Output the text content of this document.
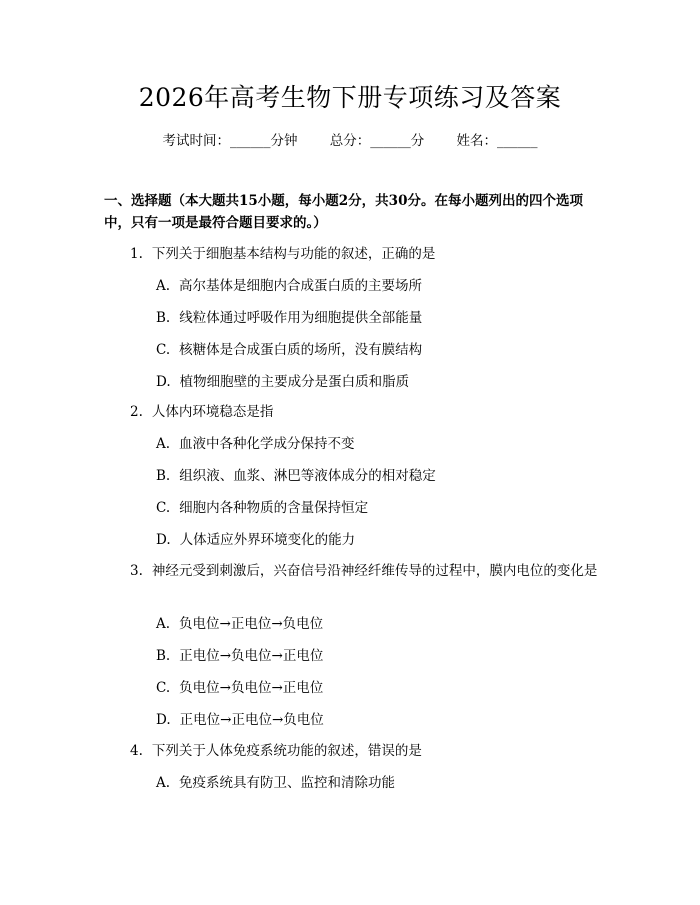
2026年高考生物下册专项练习及答案
考试时间：______分钟 总分：______分 姓名：______
一、选择题（本大题共15小题，每小题2分，共30分。在每小题列出的四个选项中，只有一项是最符合题目要求的。）
1. 下列关于细胞基本结构与功能的叙述，正确的是
A. 高尔基体是细胞内合成蛋白质的主要场所
B. 线粒体通过呼吸作用为细胞提供全部能量
C. 核糖体是合成蛋白质的场所，没有膜结构
D. 植物细胞壁的主要成分是蛋白质和脂质
2. 人体内环境稳态是指
A. 血液中各种化学成分保持不变
B. 组织液、血浆、淋巴等液体成分的相对稳定
C. 细胞内各种物质的含量保持恒定
D. 人体适应外界环境变化的能力
3. 神经元受到刺激后，兴奋信号沿神经纤维传导的过程中，膜内电位的变化是
A. 负电位→正电位→负电位
B. 正电位→负电位→正电位
C. 负电位→负电位→正电位
D. 正电位→正电位→负电位
4. 下列关于人体免疫系统功能的叙述，错误的是
A. 免疫系统具有防卫、监控和清除功能
